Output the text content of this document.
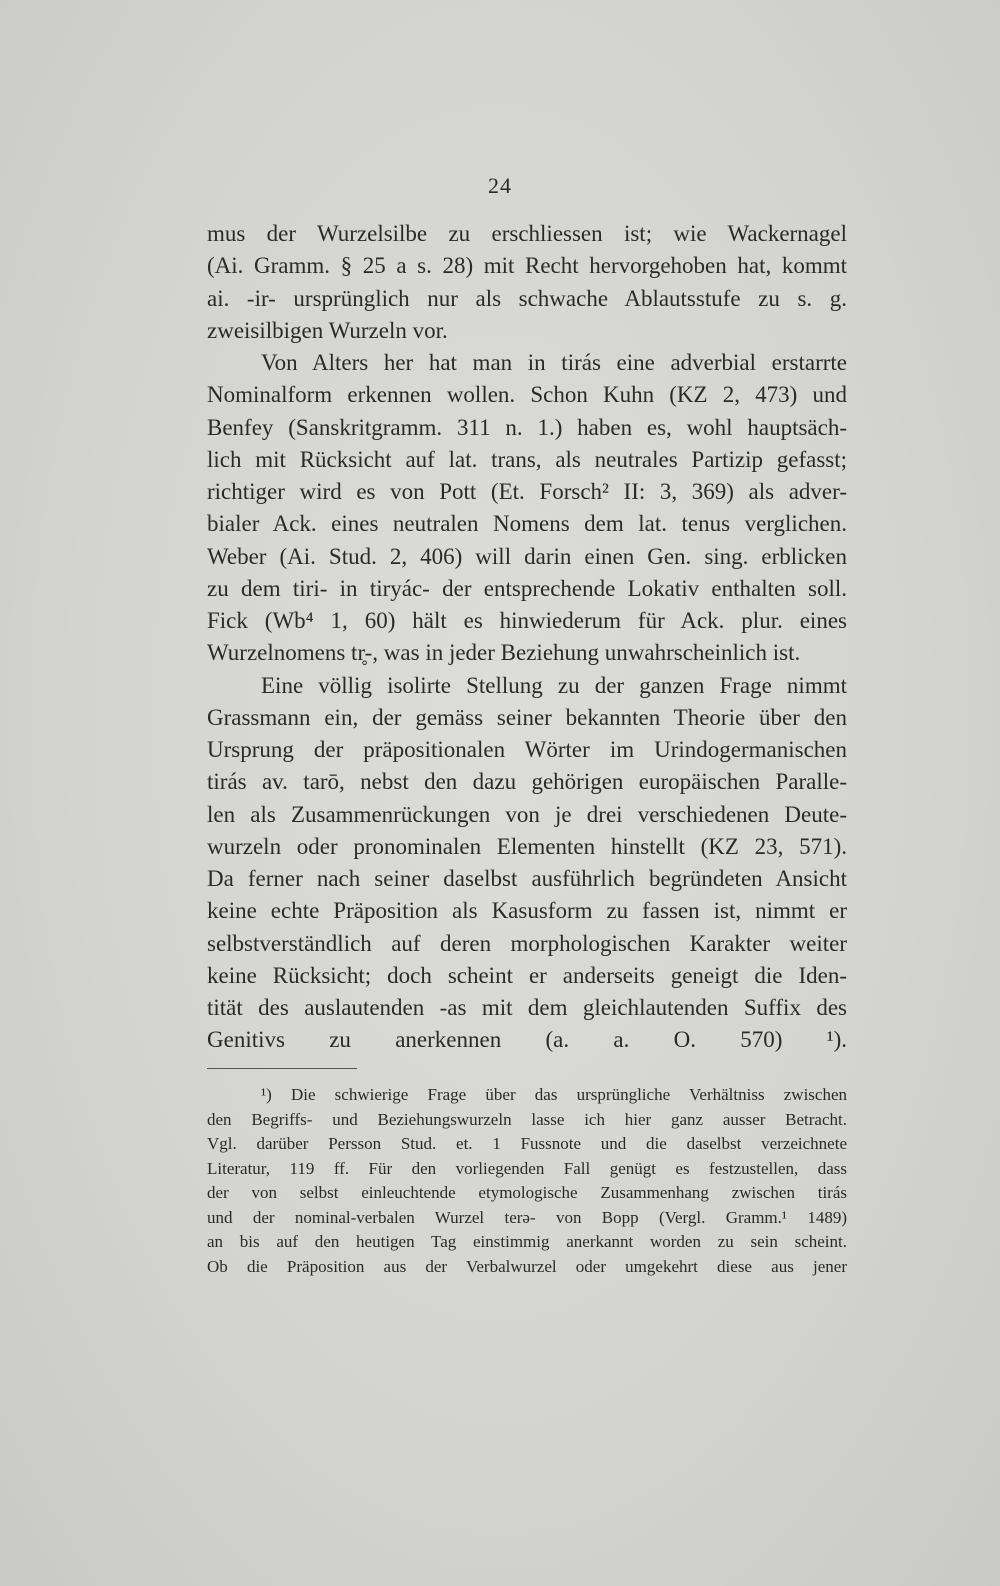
24
mus der Wurzelsilbe zu erschliessen ist; wie Wackernagel
(Ai. Gramm. § 25 a s. 28) mit Recht hervorgehoben hat, kommt
ai. -ir- ursprünglich nur als schwache Ablautsstufe zu s. g.
zweisilbigen Wurzeln vor.
Von Alters her hat man in tirás eine adverbial erstarrte
Nominalform erkennen wollen. Schon Kuhn (KZ 2, 473) und
Benfey (Sanskritgramm. 311 n. 1.) haben es, wohl hauptsäch-
lich mit Rücksicht auf lat. trans, als neutrales Partizip gefasst;
richtiger wird es von Pott (Et. Forsch² II: 3, 369) als adver-
bialer Ack. eines neutralen Nomens dem lat. tenus verglichen.
Weber (Ai. Stud. 2, 406) will darin einen Gen. sing. erblicken
zu dem tiri- in tiryác- der entsprechende Lokativ enthalten soll.
Fick (Wb⁴ 1, 60) hält es hinwiederum für Ack. plur. eines
Wurzelnomens tr̥-, was in jeder Beziehung unwahrscheinlich ist.
Eine völlig isolirte Stellung zu der ganzen Frage nimmt
Grassmann ein, der gemäss seiner bekannten Theorie über den
Ursprung der präpositionalen Wörter im Urindogermanischen
tirás av. tarō, nebst den dazu gehörigen europäischen Paralle-
len als Zusammenrückungen von je drei verschiedenen Deute-
wurzeln oder pronominalen Elementen hinstellt (KZ 23, 571).
Da ferner nach seiner daselbst ausführlich begründeten Ansicht
keine echte Präposition als Kasusform zu fassen ist, nimmt er
selbstverständlich auf deren morphologischen Karakter weiter
keine Rücksicht; doch scheint er anderseits geneigt die Iden-
tität des auslautenden -as mit dem gleichlautenden Suffix des
Genitivs zu anerkennen (a. a. O. 570) ¹).
¹) Die schwierige Frage über das ursprüngliche Verhältniss zwischen
den Begriffs- und Beziehungswurzeln lasse ich hier ganz ausser Betracht.
Vgl. darüber Persson Stud. et. 1 Fussnote und die daselbst verzeichnete
Literatur, 119 ff. Für den vorliegenden Fall genügt es festzustellen, dass
der von selbst einleuchtende etymologische Zusammenhang zwischen tirás
und der nominal-verbalen Wurzel terə- von Bopp (Vergl. Gramm.¹ 1489)
an bis auf den heutigen Tag einstimmig anerkannt worden zu sein scheint.
Ob die Präposition aus der Verbalwurzel oder umgekehrt diese aus jener
